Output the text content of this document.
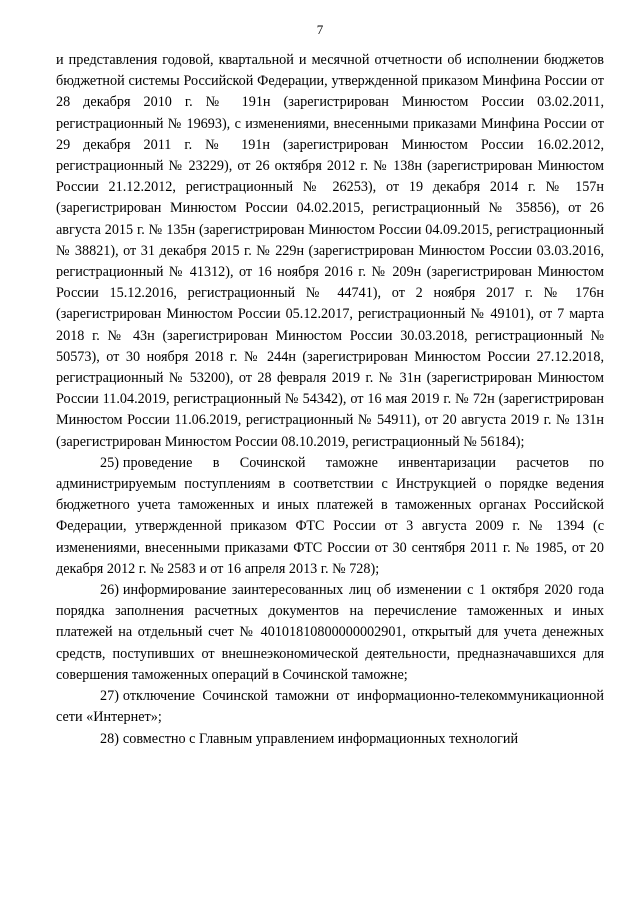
7

и представления годовой, квартальной и месячной отчетности об исполнении бюджетов бюджетной системы Российской Федерации, утвержденной приказом Минфина России от 28 декабря 2010 г. № 191н (зарегистрирован Минюстом России 03.02.2011, регистрационный № 19693), с изменениями, внесенными приказами Минфина России от 29 декабря 2011 г. № 191н (зарегистрирован Минюстом России 16.02.2012, регистрационный № 23229), от 26 октября 2012 г. № 138н (зарегистрирован Минюстом России 21.12.2012, регистрационный № 26253), от 19 декабря 2014 г. № 157н (зарегистрирован Минюстом России 04.02.2015, регистрационный № 35856), от 26 августа 2015 г. № 135н (зарегистрирован Минюстом России 04.09.2015, регистрационный № 38821), от 31 декабря 2015 г. № 229н (зарегистрирован Минюстом России 03.03.2016, регистрационный № 41312), от 16 ноября 2016 г. № 209н (зарегистрирован Минюстом России 15.12.2016, регистрационный № 44741), от 2 ноября 2017 г. № 176н (зарегистрирован Минюстом России 05.12.2017, регистрационный № 49101), от 7 марта 2018 г. № 43н (зарегистрирован Минюстом России 30.03.2018, регистрационный № 50573), от 30 ноября 2018 г. № 244н (зарегистрирован Минюстом России 27.12.2018, регистрационный № 53200), от 28 февраля 2019 г. № 31н (зарегистрирован Минюстом России 11.04.2019, регистрационный № 54342), от 16 мая 2019 г. № 72н (зарегистрирован Минюстом России 11.06.2019, регистрационный № 54911), от 20 августа 2019 г. № 131н (зарегистрирован Минюстом России 08.10.2019, регистрационный № 56184);

25) проведение в Сочинской таможне инвентаризации расчетов по администрируемым поступлениям в соответствии с Инструкцией о порядке ведения бюджетного учета таможенных и иных платежей в таможенных органах Российской Федерации, утвержденной приказом ФТС России от 3 августа 2009 г. № 1394 (с изменениями, внесенными приказами ФТС России от 30 сентября 2011 г. № 1985, от 20 декабря 2012 г. № 2583 и от 16 апреля 2013 г. № 728);

26) информирование заинтересованных лиц об изменении с 1 октября 2020 года порядка заполнения расчетных документов на перечисление таможенных и иных платежей на отдельный счет № 40101810800000002901, открытый для учета денежных средств, поступивших от внешнеэкономической деятельности, предназначавшихся для совершения таможенных операций в Сочинской таможне;

27) отключение Сочинской таможни от информационно-телекоммуникационной сети «Интернет»;

28) совместно с Главным управлением информационных технологий
